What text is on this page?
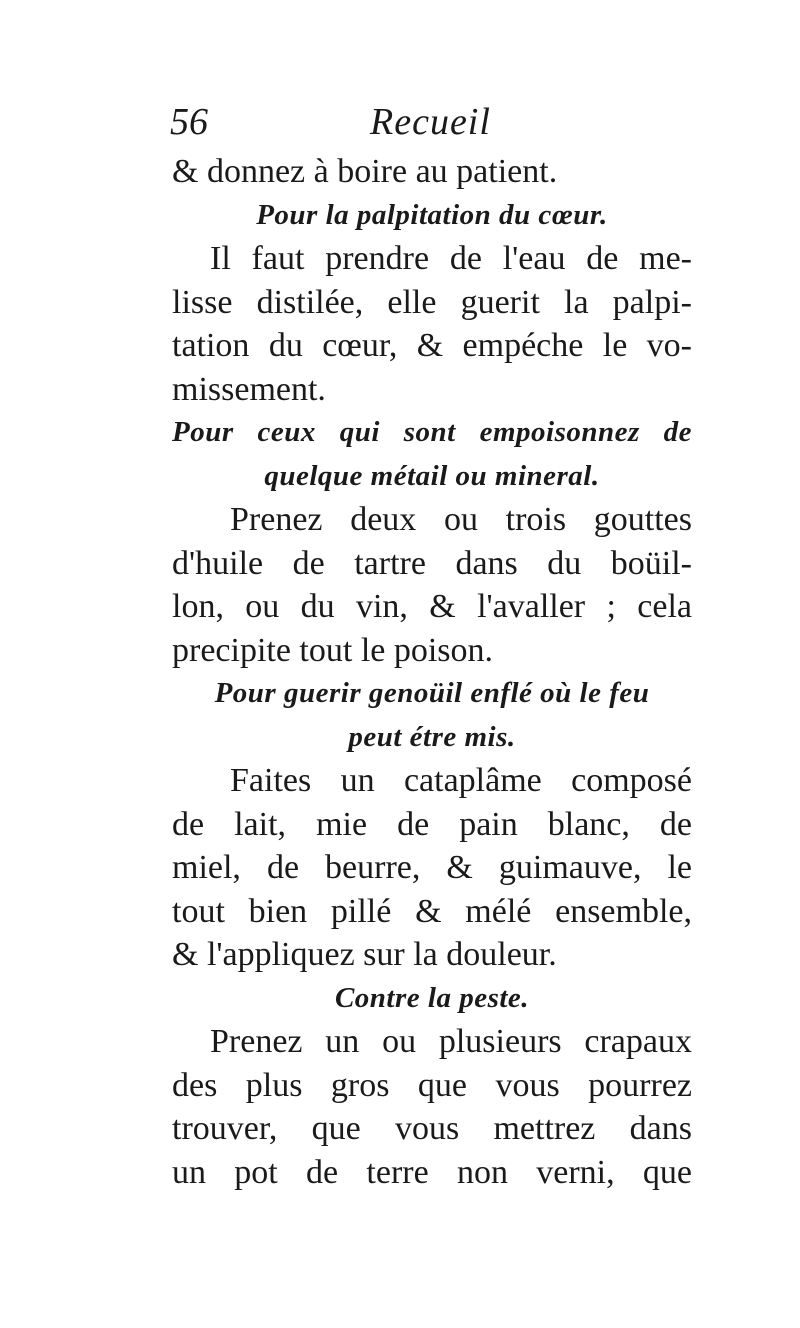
56	Recueil
& donnez à boire au patient.
Pour la palpitation du cœur.
Il faut prendre de l'eau de me-
lisse distilée, elle guerit la palpi-
tation du cœur, & empéche le vo-
missement.
Pour ceux qui sont empoisonnez de
quelque métail ou mineral.
Prenez deux ou trois gouttes
d'huile de tartre dans du boüil-
lon, ou du vin, & l'avaller ; cela
precipite tout le poison.
Pour guerir genoüil enflé où le feu
peut étre mis.
Faites un cataplâme composé
de lait, mie de pain blanc, de
miel, de beurre, & guimauve, le
tout bien pillé & mélé ensemble,
& l'appliquez sur la douleur.
Contre la peste.
Prenez un ou plusieurs crapaux
des plus gros que vous pourrez
trouver, que vous mettrez dans
un pot de terre non verni, que
